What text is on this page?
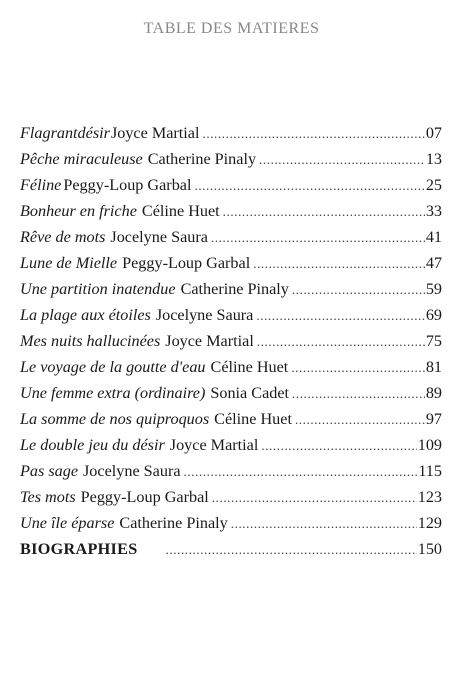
TABLE DES MATIERES
Flagrantdésir Joyce Martial .....	07
Pêche miraculeuse Catherine Pinaly .....	13
Féline Peggy-Loup Garbal .....	25
Bonheur en friche Céline Huet .....	33
Rêve de mots Jocelyne Saura .....	41
Lune de Mielle Peggy-Loup Garbal .....	47
Une partition inatendue Catherine Pinaly .....	59
La plage aux étoiles Jocelyne Saura .....	69
Mes nuits hallucinées Joyce Martial .....	75
Le voyage de la goutte d'eau Céline Huet .....	81
Une femme extra (ordinaire) Sonia Cadet .....	89
La somme de nos quiproquos Céline Huet .....	97
Le double jeu du désir Joyce Martial .....	109
Pas sage Jocelyne Saura .....	115
Tes mots Peggy-Loup Garbal .....	123
Une île éparse Catherine Pinaly .....	129
BIOGRAPHIES .....	150
